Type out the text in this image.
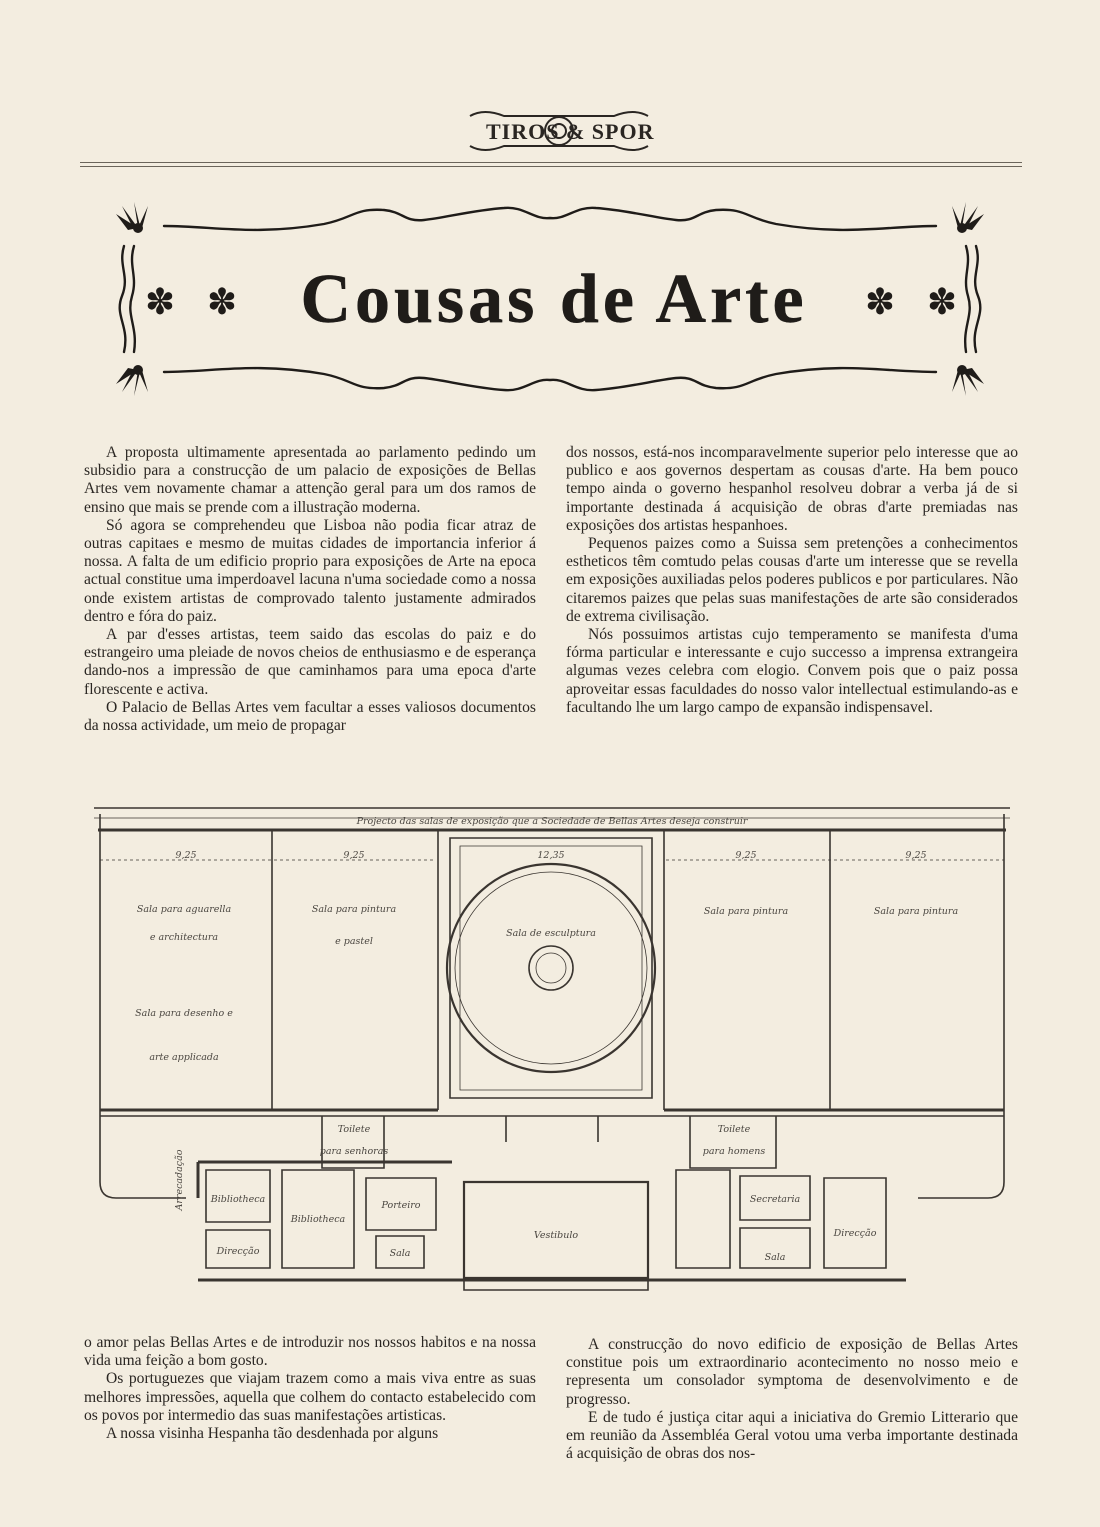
TIROS & SPORT
✽ ✽	✽ ✽
Cousas de Arte

A proposta ultimamente apresentada ao parlamento pedindo um subsidio para a construcção de um palacio de exposições de Bellas Artes vem novamente chamar a attenção geral para um dos ramos de ensino que mais se prende com a illustração moderna.

Só agora se comprehendeu que Lisboa não podia ficar atraz de outras capitaes e mesmo de muitas cidades de importancia inferior á nossa. A falta de um edificio proprio para exposições de Arte na epoca actual constitue uma imperdoavel lacuna n'uma sociedade como a nossa onde existem artistas de comprovado talento justamente admirados dentro e fóra do paiz.

A par d'esses artistas, teem saido das escolas do paiz e do estrangeiro uma pleiade de novos cheios de enthusiasmo e de esperança dando-nos a impressão de que caminhamos para uma epoca d'arte florescente e activa.

O Palacio de Bellas Artes vem facultar a esses valiosos documentos da nossa actividade, um meio de propagar

dos nossos, está-nos incomparavelmente superior pelo interesse que ao publico e aos governos despertam as cousas d'arte. Ha bem pouco tempo ainda o governo hespanhol resolveu dobrar a verba já de si importante destinada á acquisição de obras d'arte premiadas nas exposições dos artistas hespanhoes.

Pequenos paizes como a Suissa sem pretenções a conhecimentos estheticos têm comtudo pelas cousas d'arte um interesse que se revella em exposições auxiliadas pelos poderes publicos e por particulares. Não citaremos paizes que pelas suas manifestações de arte são considerados de extrema civilisação.

Nós possuimos artistas cujo temperamento se manifesta d'uma fórma particular e interessante e cujo successo a imprensa extrangeira algumas vezes celebra com elogio. Convem pois que o paiz possa aproveitar essas faculdades do nosso valor intellectual estimulando-as e facultando lhe um largo campo de expansão indispensavel.

Projecto das salas de exposição que a Sociedade de Bellas Artes deseja construir
9,25	9,25	12,35	9,25	9,25
Sala para aguarella
e architectura
Sala para pintura
e pastel
Sala de esculptura
Sala para pintura	Sala para pintura
Sala para desenho e
arte applicada
Toilete
para senhoras
Toilete
para homens
Arrecadação	Bibliotheca
Bibliotheca
Direcção
Porteiro
Sala
Vestibulo
Secretaria
Sala
Direcção

o amor pelas Bellas Artes e de introduzir nos nossos habitos e na nossa vida uma feição a bom gosto.

Os portuguezes que viajam trazem como a mais viva entre as suas melhores impressões, aquella que colhem do contacto estabelecido com os povos por intermedio das suas manifestações artisticas.

A nossa visinha Hespanha tão desdenhada por alguns

A construcção do novo edificio de exposição de Bellas Artes constitue pois um extraordinario acontecimento no nosso meio e representa um consolador symptoma de desenvolvimento e de progresso.

E de tudo é justiça citar aqui a iniciativa do Gremio Litterario que em reunião da Assembléa Geral votou uma verba importante destinada á acquisição de obras dos nos-
